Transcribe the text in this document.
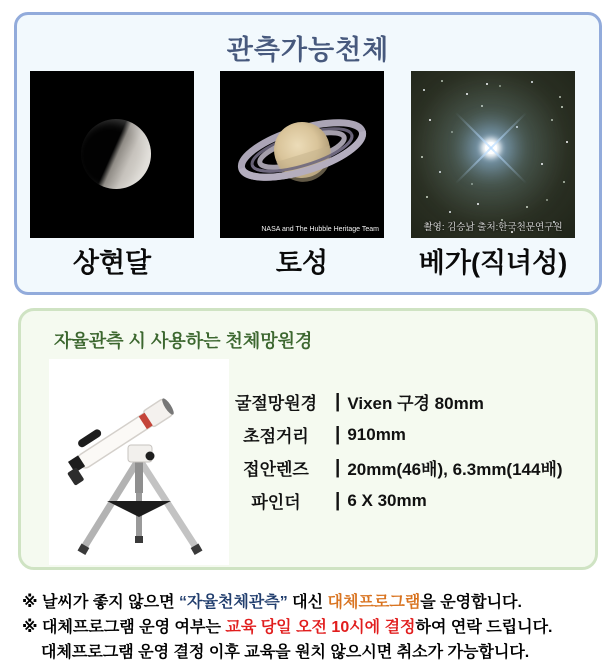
관측가능천체
NASA and The Hubble Heritage Team	촬영: 김승남 출처:한국천문연구원
상현달	토성	베가(직녀성)
자율관측 시 사용하는 천체망원경
굴절망원경 | Vixen 구경 80mm
초점거리	| 910mm
접안렌즈	| 20mm(46배), 6.3mm(144배)
파인더	| 6 X 30mm
※ 날씨가 좋지 않으면 “자율천체관측” 대신 대체프로그램을 운영합니다.
※ 대체프로그램 운영 여부는 교육 당일 오전 10시에 결정하여 연락 드립니다.
대체프로그램 운영 결정 이후 교육을 원치 않으시면 취소가 가능합니다.
